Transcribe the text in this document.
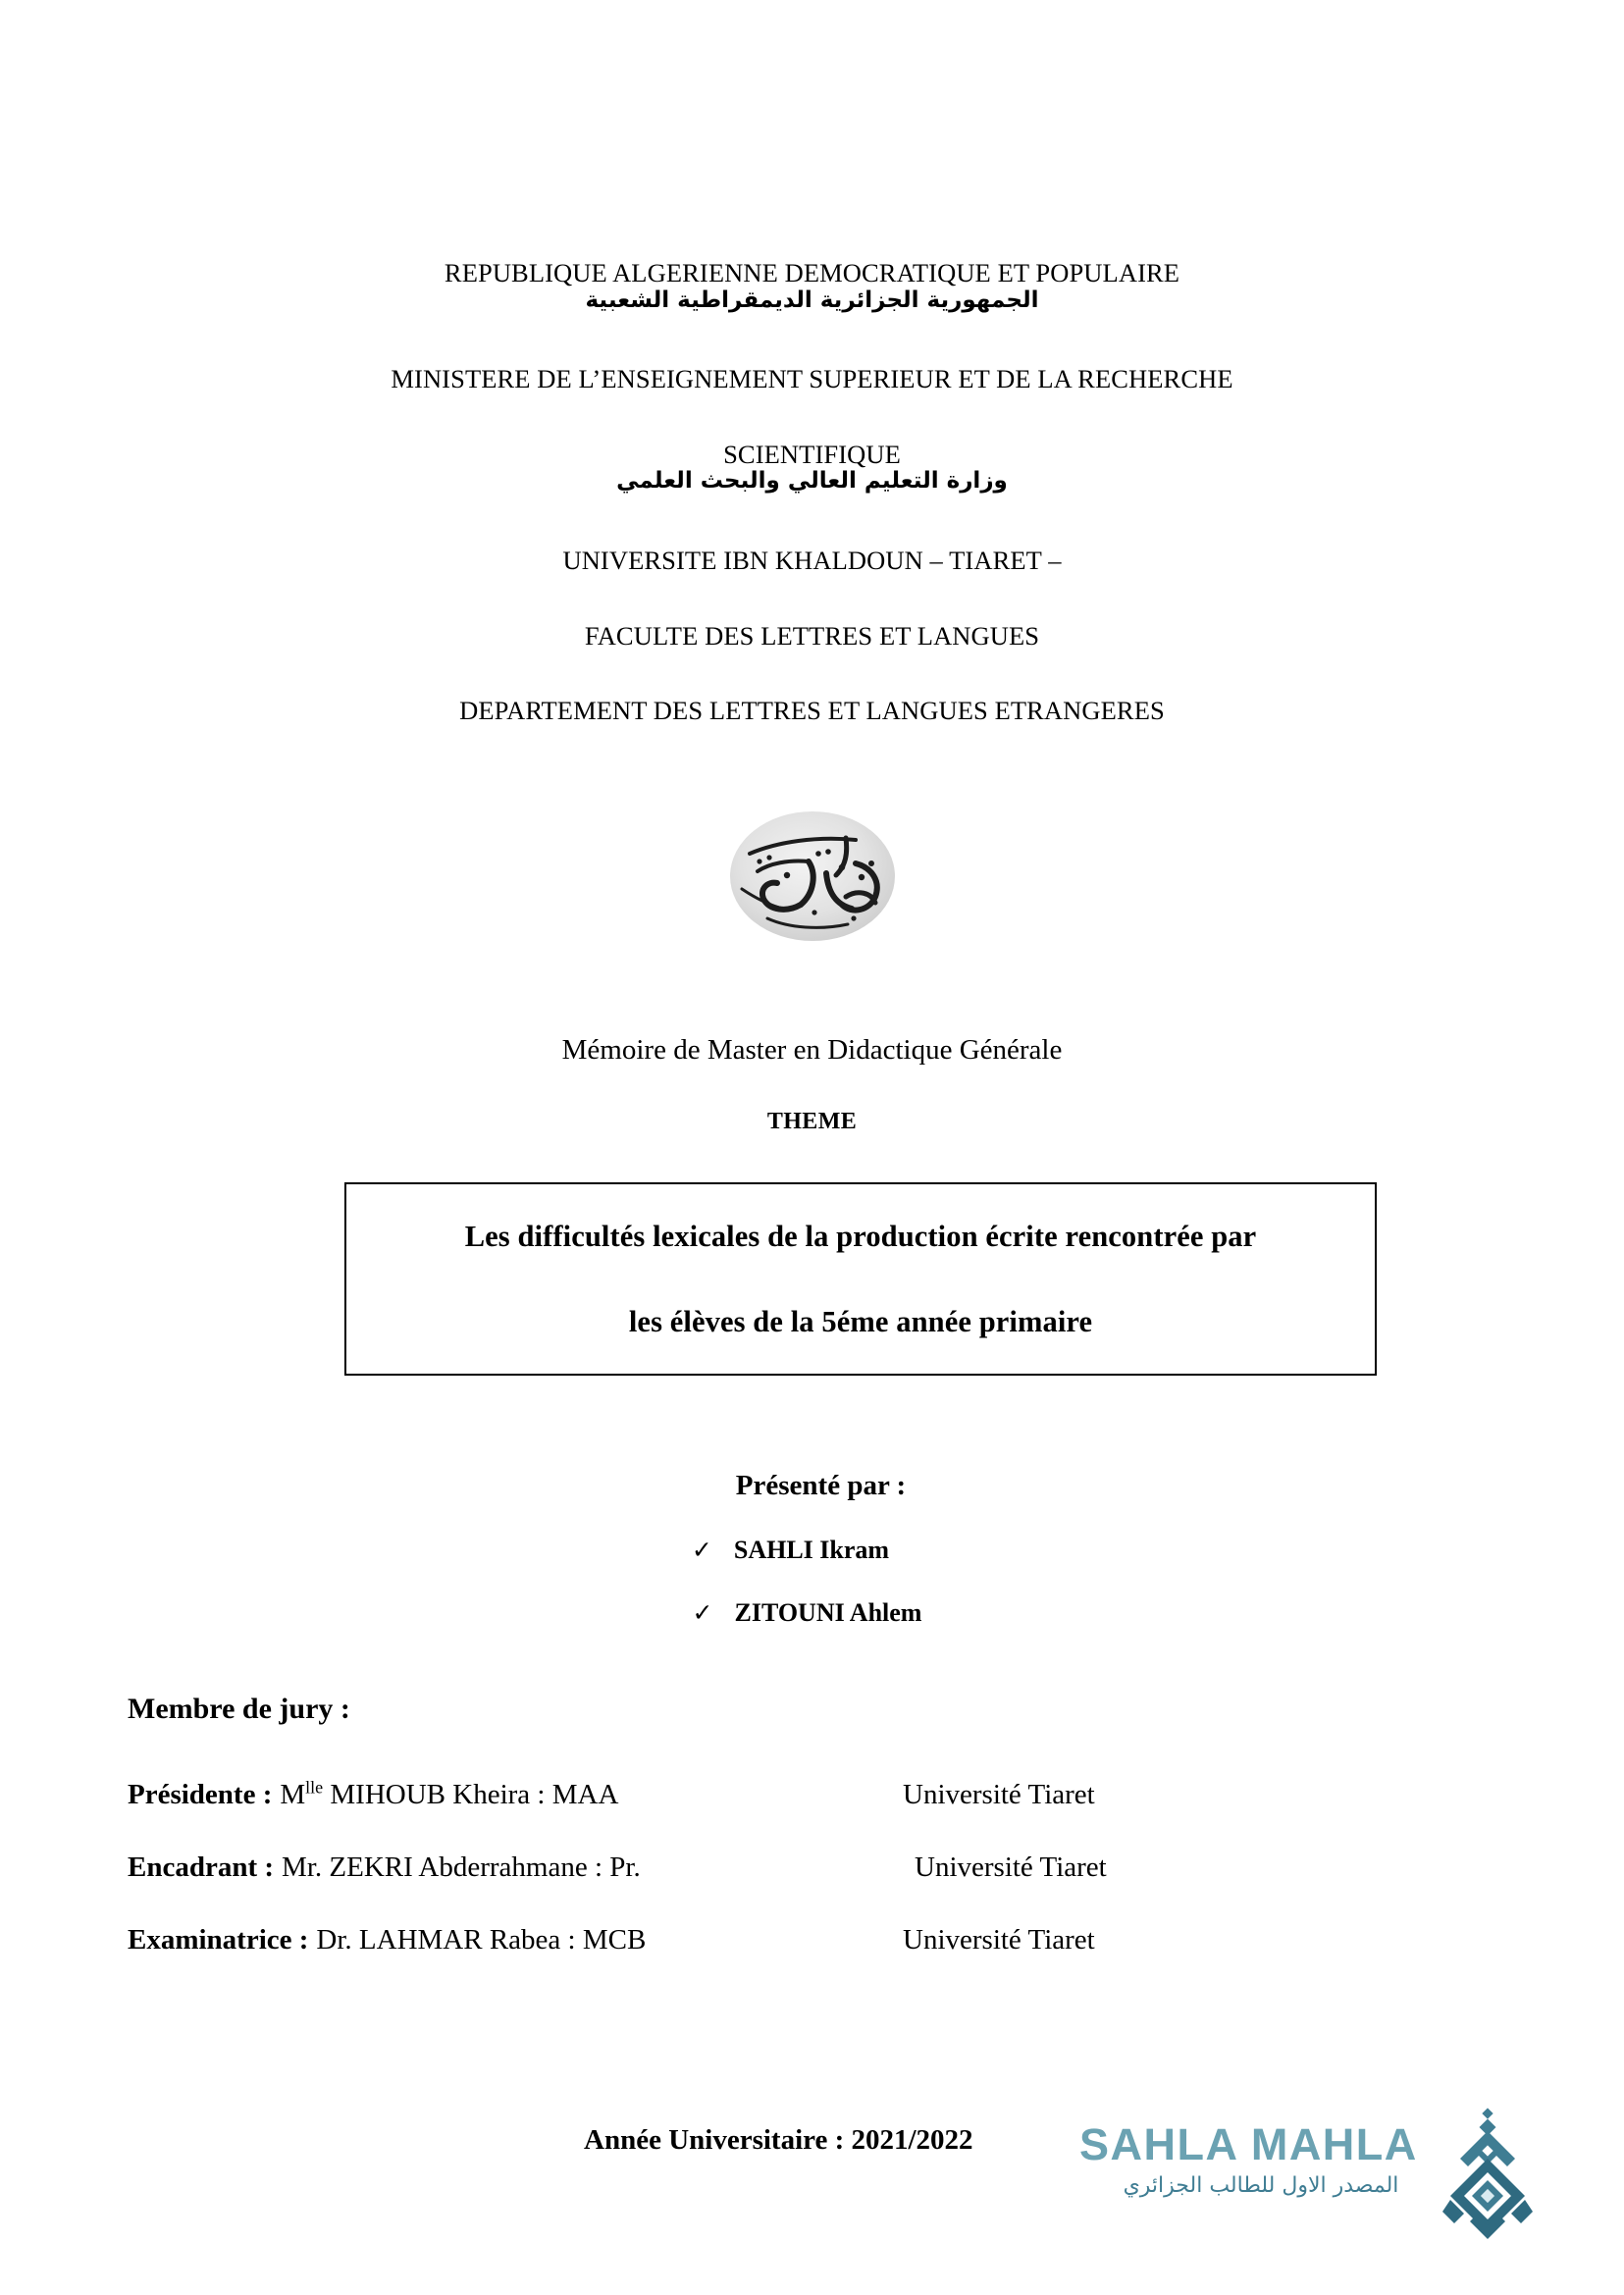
REPUBLIQUE ALGERIENNE DEMOCRATIQUE ET POPULAIRE
الجمهورية الجزائرية الديمقراطية الشعبية
MINISTERE DE L’ENSEIGNEMENT SUPERIEUR ET DE LA RECHERCHE
SCIENTIFIQUE
وزارة التعليم العالي والبحث العلمي
UNIVERSITE IBN KHALDOUN – TIARET –
FACULTE DES LETTRES ET LANGUES
DEPARTEMENT DES LETTRES ET LANGUES ETRANGERES
Mémoire de Master en Didactique Générale
THEME
Les difficultés lexicales de la production écrite rencontrée par
les élèves de la 5éme année primaire
Présenté par :
✓ SAHLI Ikram
✓ ZITOUNI Ahlem
Membre de jury :
Présidente : $M^{lle}$ MIHOUB Kheira : MAA	Université Tiaret
Encadrant : Mr. ZEKRI Abderrahmane : Pr.	Université Tiaret
Examinatrice : Dr. LAHMAR Rabea : MCB	Université Tiaret
Année Universitaire : 2021/2022 SAHLA MAHLA
المصدر الاول للطالب الجزائري
